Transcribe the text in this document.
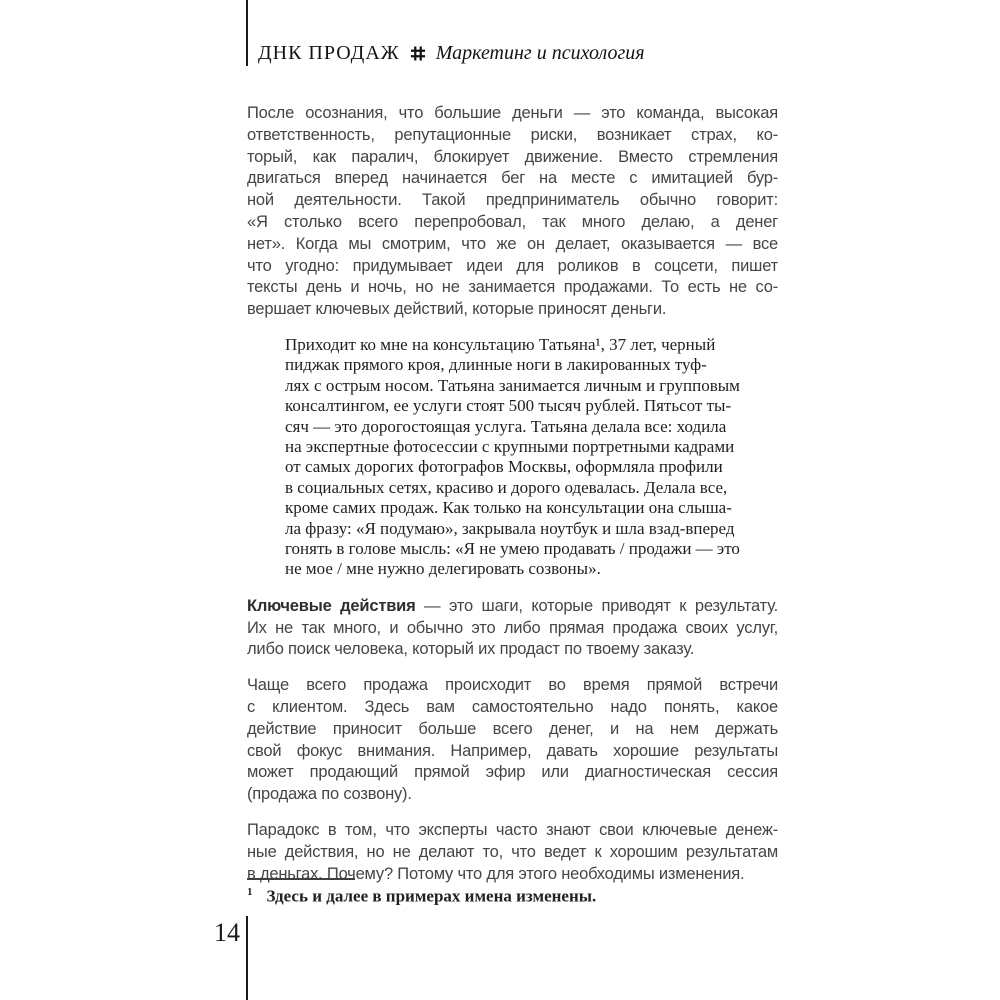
ДНК ПРОДАЖ Маркетинг и психология
После осознания, что большие деньги — это команда, высокая
ответственность, репутационные риски, возникает страх, ко-
торый, как паралич, блокирует движение. Вместо стремления
двигаться вперед начинается бег на месте с имитацией бур-
ной деятельности. Такой предприниматель обычно говорит:
«Я столько всего перепробовал, так много делаю, а денег
нет». Когда мы смотрим, что же он делает, оказывается — все
что угодно: придумывает идеи для роликов в соцсети, пишет
тексты день и ночь, но не занимается продажами. То есть не со-
вершает ключевых действий, которые приносят деньги.
Приходит ко мне на консультацию Татьяна¹, 37 лет, черный
пиджак прямого кроя, длинные ноги в лакированных туф-
лях с острым носом. Татьяна занимается личным и групповым
консалтингом, ее услуги стоят 500 тысяч рублей. Пятьсот ты-
сяч — это дорогостоящая услуга. Татьяна делала все: ходила
на экспертные фотосессии с крупными портретными кадрами
от самых дорогих фотографов Москвы, оформляла профили
в социальных сетях, красиво и дорого одевалась. Делала все,
кроме самих продаж. Как только на консультации она слыша-
ла фразу: «Я подумаю», закрывала ноутбук и шла взад-вперед
гонять в голове мысль: «Я не умею продавать / продажи — это
не мое / мне нужно делегировать созвоны».
Ключевые действия — это шаги, которые приводят к результату.
Их не так много, и обычно это либо прямая продажа своих услуг,
либо поиск человека, который их продаст по твоему заказу.
Чаще всего продажа происходит во время прямой встречи
с клиентом. Здесь вам самостоятельно надо понять, какое
действие приносит больше всего денег, и на нем держать
свой фокус внимания. Например, давать хорошие результаты
может продающий прямой эфир или диагностическая сессия
(продажа по созвону).
Парадокс в том, что эксперты часто знают свои ключевые денеж-
ные действия, но не делают то, что ведет к хорошим результатам
в деньгах. Почему? Потому что для этого необходимы изменения.
$^1$ Здесь и далее в примерах имена изменены.
14
